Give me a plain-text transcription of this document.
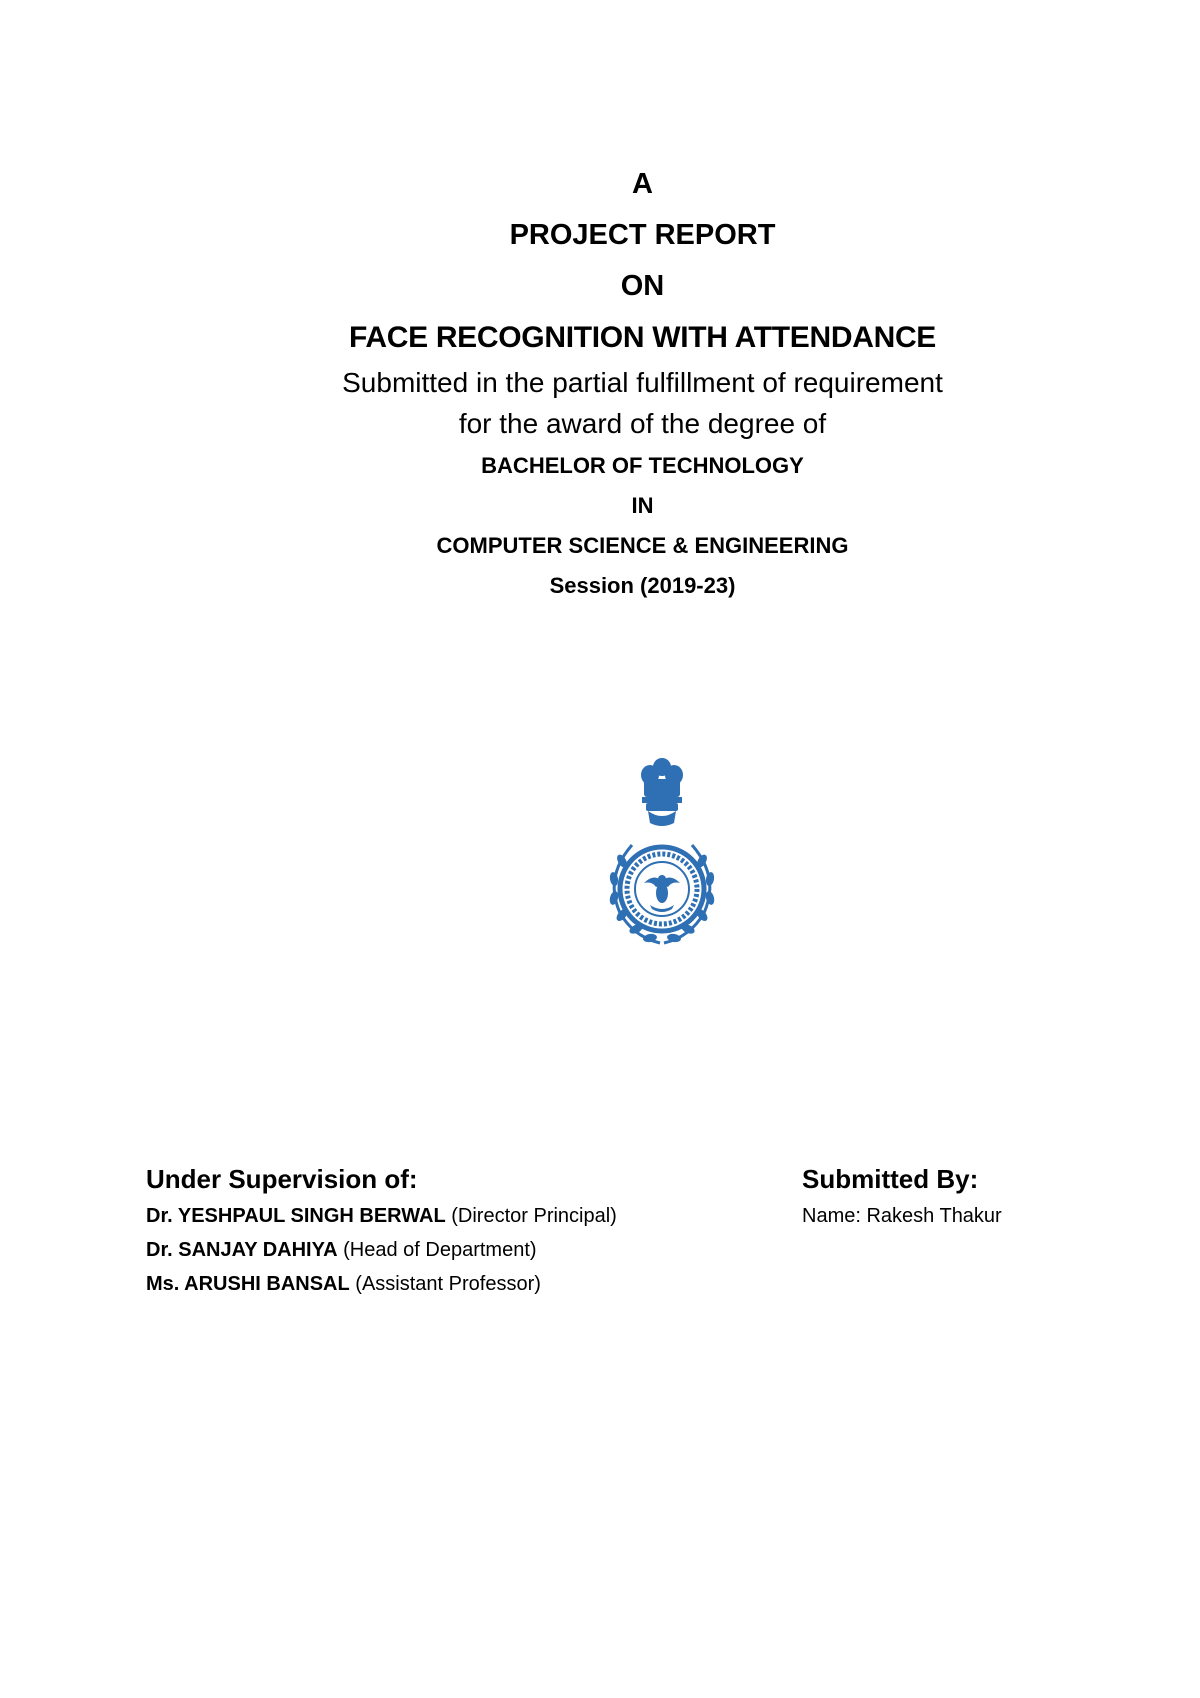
A

PROJECT REPORT

ON

FACE RECOGNITION WITH ATTENDANCE

Submitted in the partial fulfillment of requirement

for the award of the degree of

BACHELOR OF TECHNOLOGY

IN

COMPUTER SCIENCE & ENGINEERING

Session (2019-23)

Under Supervision of:

Dr. YESHPAUL SINGH BERWAL (Director Principal)

Dr. SANJAY DAHIYA (Head of Department)

Ms. ARUSHI BANSAL (Assistant Professor)

Submitted By:

Name: Rakesh Thakur
